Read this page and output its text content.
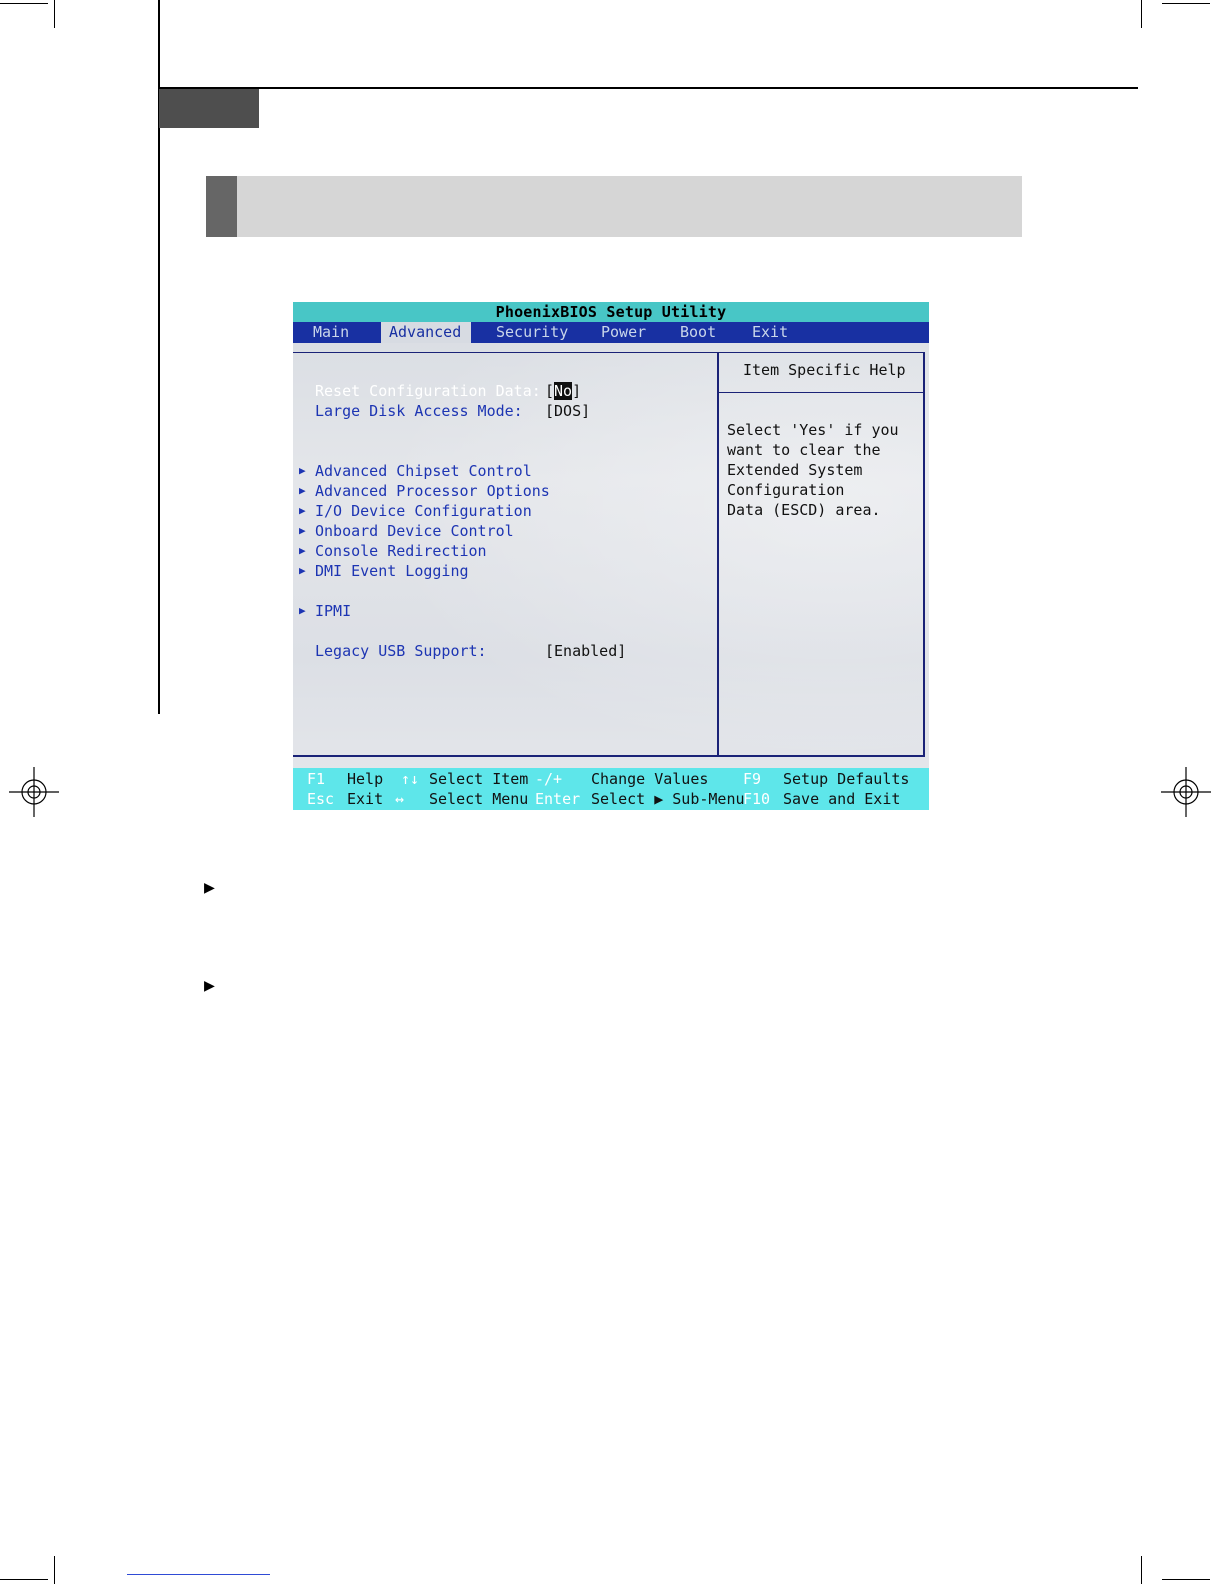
PhoenixBIOS Setup Utility
Main	Advanced	Security	Power	Boot	Exit
Reset Configuration Data: [No]
Large Disk Access Mode: [DOS]
▶ Advanced Chipset Control
▶ Advanced Processor Options
▶ I/O Device Configuration
▶ Onboard Device Control
▶ Console Redirection
▶ DMI Event Logging
▶ IPMI
Legacy USB Support:	[Enabled]
Item Specific Help
Select 'Yes' if you
want to clear the
Extended System
Configuration
Data (ESCD) area.
F1 Help ↑↓ Select Item -/+ Change Values F9 Setup Defaults
Esc Exit ↔ Select Menu Enter Select ▶ Sub-Menu
F10 Save and Exit
▶
▶
